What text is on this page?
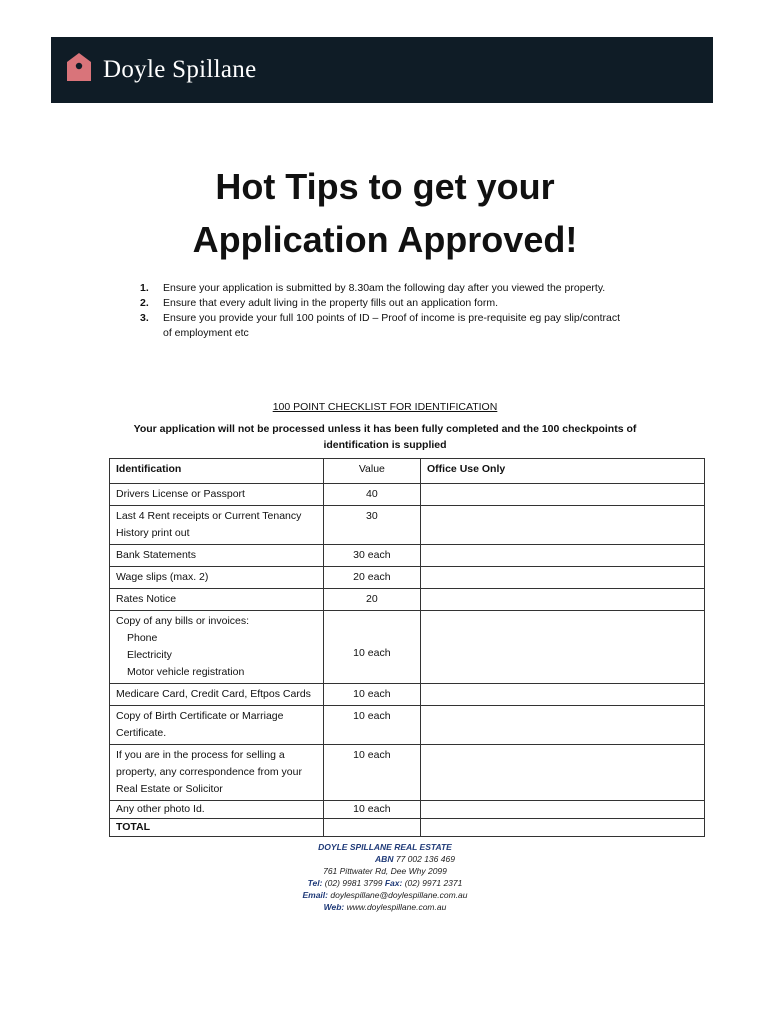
Doyle Spillane
Hot Tips to get your
Application Approved!
1. Ensure your application is submitted by 8.30am the following day after you viewed the property.
2. Ensure that every adult living in the property fills out an application form.
3. Ensure you provide your full 100 points of ID – Proof of income is pre-requisite eg pay slip/contract of employment etc
100 POINT CHECKLIST FOR IDENTIFICATION
Your application will not be processed unless it has been fully completed and the 100 checkpoints of identification is supplied
Identification	Value	Office Use Only
Drivers License or Passport	40	
Last 4 Rent receipts or Current Tenancy History print out	30	
Bank Statements	30 each	
Wage slips (max. 2)	20 each	
Rates Notice	20	

Copy of any bills or invoices:
Phone
Electricity
Motor vehicle registration	10 each	
Medicare Card, Credit Card, Eftpos Cards	10 each	
Copy of Birth Certificate or Marriage Certificate.	10 each	
If you are in the process for selling a property, any correspondence from your Real Estate or Solicitor	10 each	
Any other photo Id.	10 each	
TOTAL		
DOYLE SPILLANE REAL ESTATE
ABN 77 002 136 469
761 Pittwater Rd, Dee Why 2099
Tel: (02) 9981 3799 Fax: (02) 9971 2371
Email: doylespillane@doylespillane.com.au
Web: www.doylespillane.com.au
